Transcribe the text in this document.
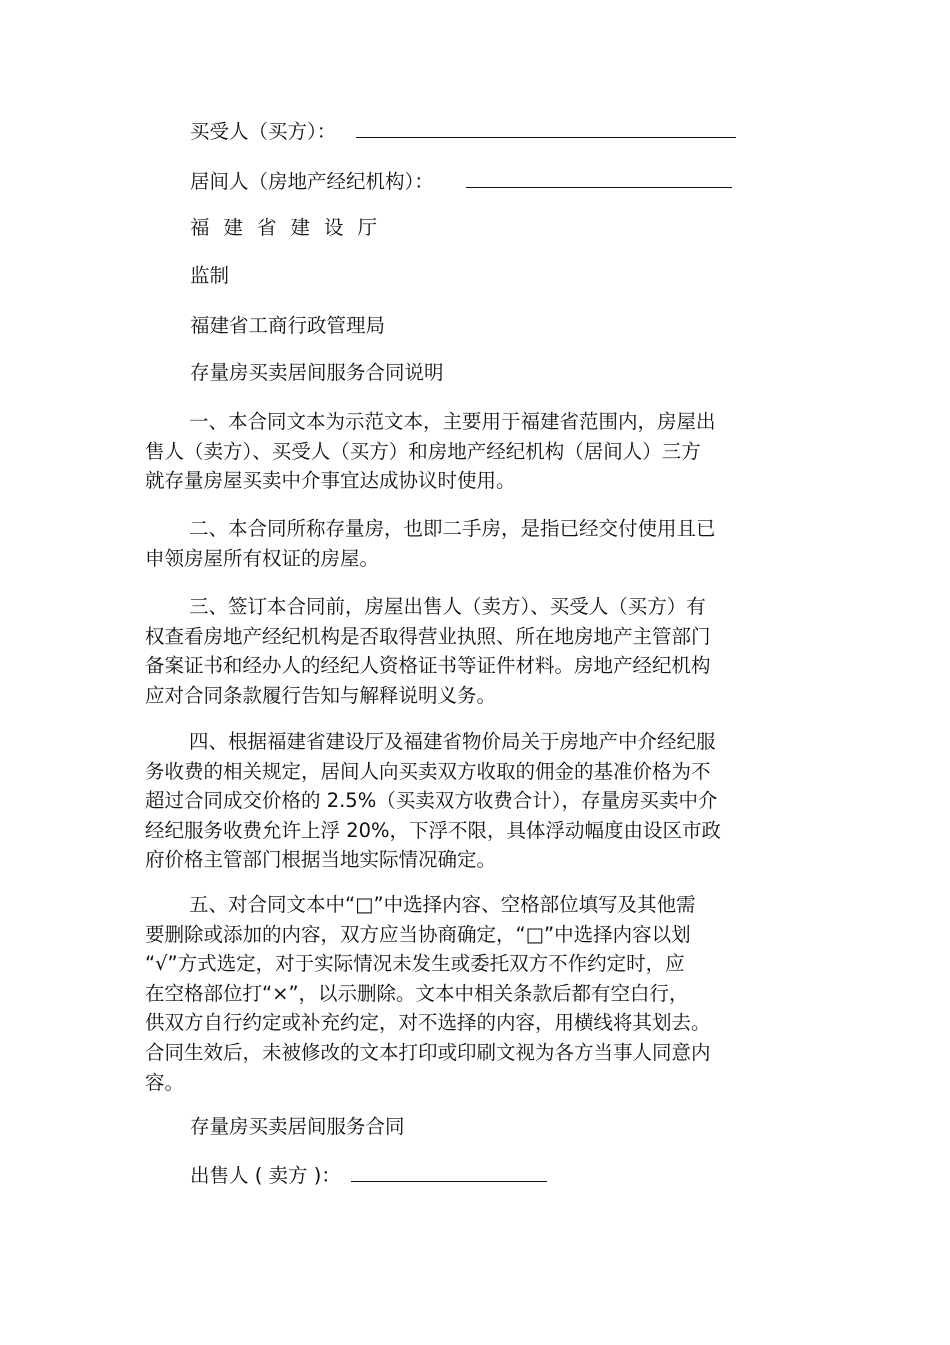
买受人（买方）：
居间人（房地产经纪机构）：
福建省建设厅
监制
福建省工商行政管理局
存量房买卖居间服务合同说明
一、本合同文本为示范文本，主要用于福建省范围内，房屋出
售人（卖方）、买受人（买方）和房地产经纪机构（居间人）三方
就存量房屋买卖中介事宜达成协议时使用。
二、本合同所称存量房，也即二手房，是指已经交付使用且已
申领房屋所有权证的房屋。
三、签订本合同前，房屋出售人（卖方）、买受人（买方）有
权查看房地产经纪机构是否取得营业执照、所在地房地产主管部门
备案证书和经办人的经纪人资格证书等证件材料。房地产经纪机构
应对合同条款履行告知与解释说明义务。
四、根据福建省建设厅及福建省物价局关于房地产中介经纪服
务收费的相关规定，居间人向买卖双方收取的佣金的基准价格为不
超过合同成交价格的 2.5%（买卖双方收费合计），存量房买卖中介
经纪服务收费允许上浮 20%，下浮不限，具体浮动幅度由设区市政
府价格主管部门根据当地实际情况确定。
五、对合同文本中“□”中选择内容、空格部位填写及其他需
要删除或添加的内容，双方应当协商确定，“□”中选择内容以划
“√”方式选定，对于实际情况未发生或委托双方不作约定时，应
在空格部位打“×”，以示删除。文本中相关条款后都有空白行，
供双方自行约定或补充约定，对不选择的内容，用横线将其划去。
合同生效后，未被修改的文本打印或印刷文视为各方当事人同意内
容。
存量房买卖居间服务合同
出售人 ( 卖方 )：
